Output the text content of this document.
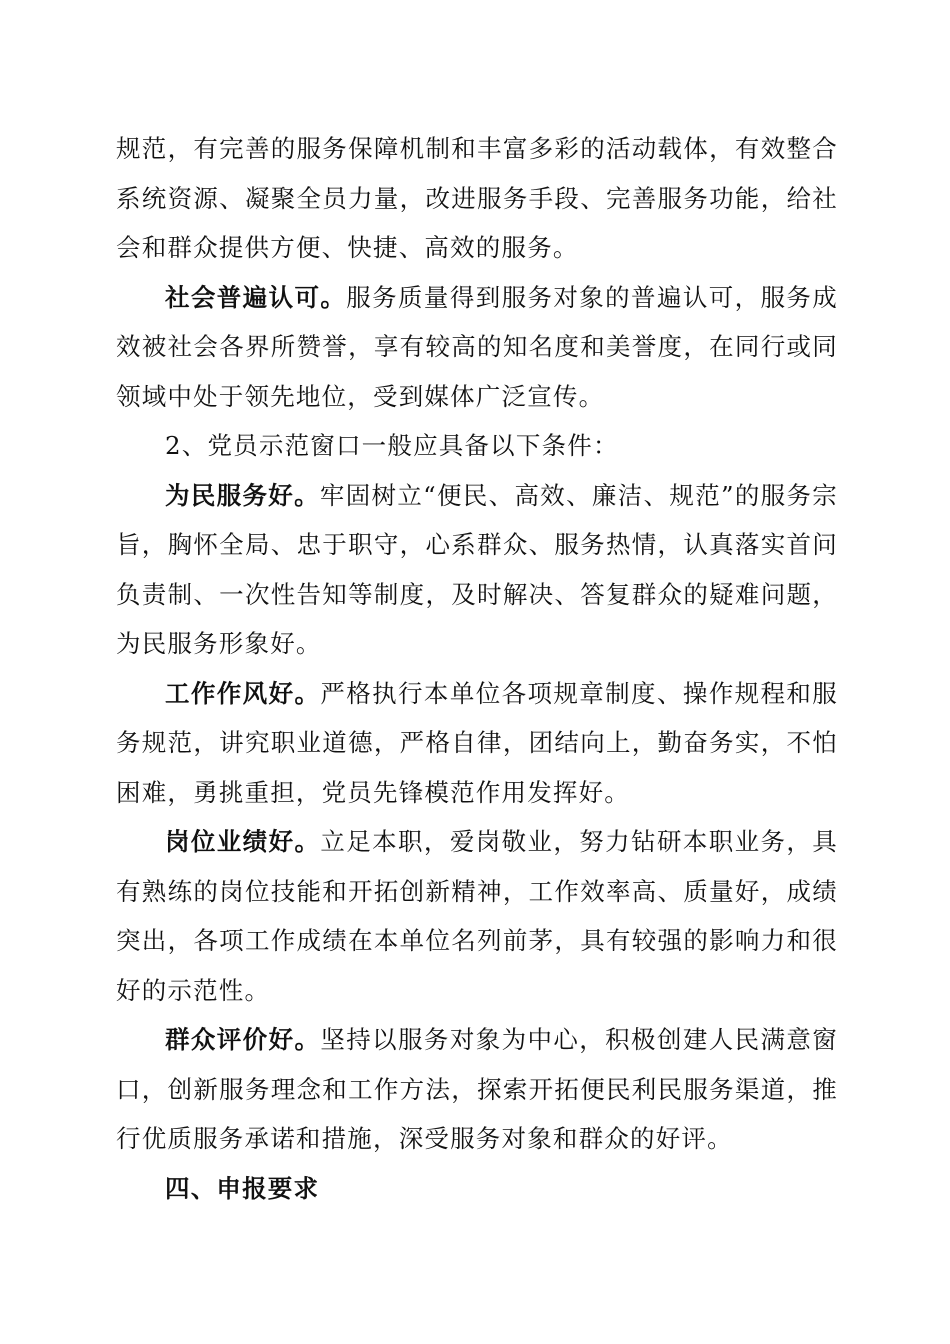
规范，有完善的服务保障机制和丰富多彩的活动载体，有效整合系统资源、凝聚全员力量，改进服务手段、完善服务功能，给社会和群众提供方便、快捷、高效的服务。

社会普遍认可。服务质量得到服务对象的普遍认可，服务成效被社会各界所赞誉，享有较高的知名度和美誉度，在同行或同领域中处于领先地位，受到媒体广泛宣传。

2、党员示范窗口一般应具备以下条件：

为民服务好。牢固树立“便民、高效、廉洁、规范”的服务宗旨，胸怀全局、忠于职守，心系群众、服务热情，认真落实首问负责制、一次性告知等制度，及时解决、答复群众的疑难问题，为民服务形象好。

工作作风好。严格执行本单位各项规章制度、操作规程和服务规范，讲究职业道德，严格自律，团结向上，勤奋务实，不怕困难，勇挑重担，党员先锋模范作用发挥好。

岗位业绩好。立足本职，爱岗敬业，努力钻研本职业务，具有熟练的岗位技能和开拓创新精神，工作效率高、质量好，成绩突出，各项工作成绩在本单位名列前茅，具有较强的影响力和很好的示范性。

群众评价好。坚持以服务对象为中心，积极创建人民满意窗口，创新服务理念和工作方法，探索开拓便民利民服务渠道，推行优质服务承诺和措施，深受服务对象和群众的好评。

四、申报要求
